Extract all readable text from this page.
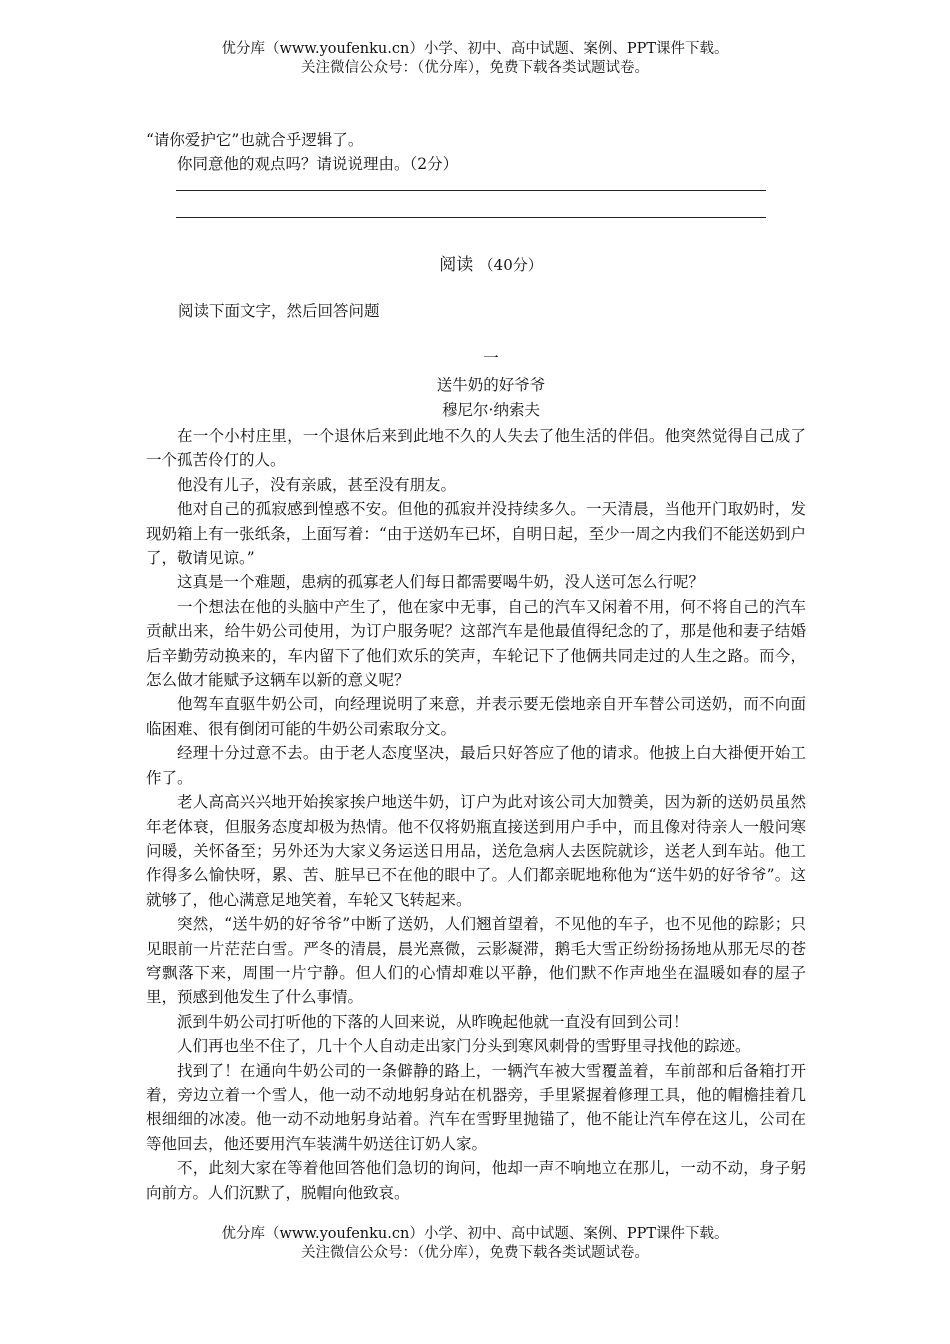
优分库（www.youfenku.cn）小学、初中、高中试题、案例、PPT课件下载。
关注微信公众号：（优分库），免费下载各类试题试卷。

“请你爱护它”也就合乎逻辑了。

你同意他的观点吗？请说说理由。（2分）

阅读 （40分）
阅读下面文字，然后回答问题
一
送牛奶的好爷爷
穆尼尔·纳索夫

在一个小村庄里，一个退休后来到此地不久的人失去了他生活的伴侣。他突然觉得自己成了一个孤苦伶仃的人。

他没有儿子，没有亲戚，甚至没有朋友。

他对自己的孤寂感到惶惑不安。但他的孤寂并没持续多久。一天清晨，当他开门取奶时，发现奶箱上有一张纸条，上面写着：“由于送奶车已坏，自明日起，至少一周之内我们不能送奶到户了，敬请见谅。”

这真是一个难题，患病的孤寡老人们每日都需要喝牛奶，没人送可怎么行呢？

一个想法在他的头脑中产生了，他在家中无事，自己的汽车又闲着不用，何不将自己的汽车贡献出来，给牛奶公司使用，为订户服务呢？这部汽车是他最值得纪念的了，那是他和妻子结婚后辛勤劳动换来的，车内留下了他们欢乐的笑声，车轮记下了他俩共同走过的人生之路。而今，怎么做才能赋予这辆车以新的意义呢？

他驾车直驱牛奶公司，向经理说明了来意，并表示要无偿地亲自开车替公司送奶，而不向面临困难、很有倒闭可能的牛奶公司索取分文。

经理十分过意不去。由于老人态度坚决，最后只好答应了他的请求。他披上白大褂便开始工作了。

老人高高兴兴地开始挨家挨户地送牛奶，订户为此对该公司大加赞美，因为新的送奶员虽然年老体衰，但服务态度却极为热情。他不仅将奶瓶直接送到用户手中，而且像对待亲人一般问寒问暖，关怀备至；另外还为大家义务运送日用品，送危急病人去医院就诊，送老人到车站。他工作得多么愉快呀，累、苦、脏早已不在他的眼中了。人们都亲昵地称他为“送牛奶的好爷爷”。这就够了，他心满意足地笑着，车轮又飞转起来。

突然，“送牛奶的好爷爷”中断了送奶，人们翘首望着，不见他的车子，也不见他的踪影；只见眼前一片茫茫白雪。严冬的清晨，晨光熹微，云影凝滞，鹅毛大雪正纷纷扬扬地从那无尽的苍穹飘落下来，周围一片宁静。但人们的心情却难以平静，他们默不作声地坐在温暖如春的屋子里，预感到他发生了什么事情。

派到牛奶公司打听他的下落的人回来说，从昨晚起他就一直没有回到公司！

人们再也坐不住了，几十个人自动走出家门分头到寒风刺骨的雪野里寻找他的踪迹。

找到了！在通向牛奶公司的一条僻静的路上，一辆汽车被大雪覆盖着，车前部和后备箱打开着，旁边立着一个雪人，他一动不动地躬身站在机器旁，手里紧握着修理工具，他的帽檐挂着几根细细的冰凌。他一动不动地躬身站着。汽车在雪野里抛锚了，他不能让汽车停在这儿，公司在等他回去，他还要用汽车装满牛奶送往订奶人家。

不，此刻大家在等着他回答他们急切的询问，他却一声不响地立在那儿，一动不动，身子躬向前方。人们沉默了，脱帽向他致哀。

优分库（www.youfenku.cn）小学、初中、高中试题、案例、PPT课件下载。
关注微信公众号：（优分库），免费下载各类试题试卷。
